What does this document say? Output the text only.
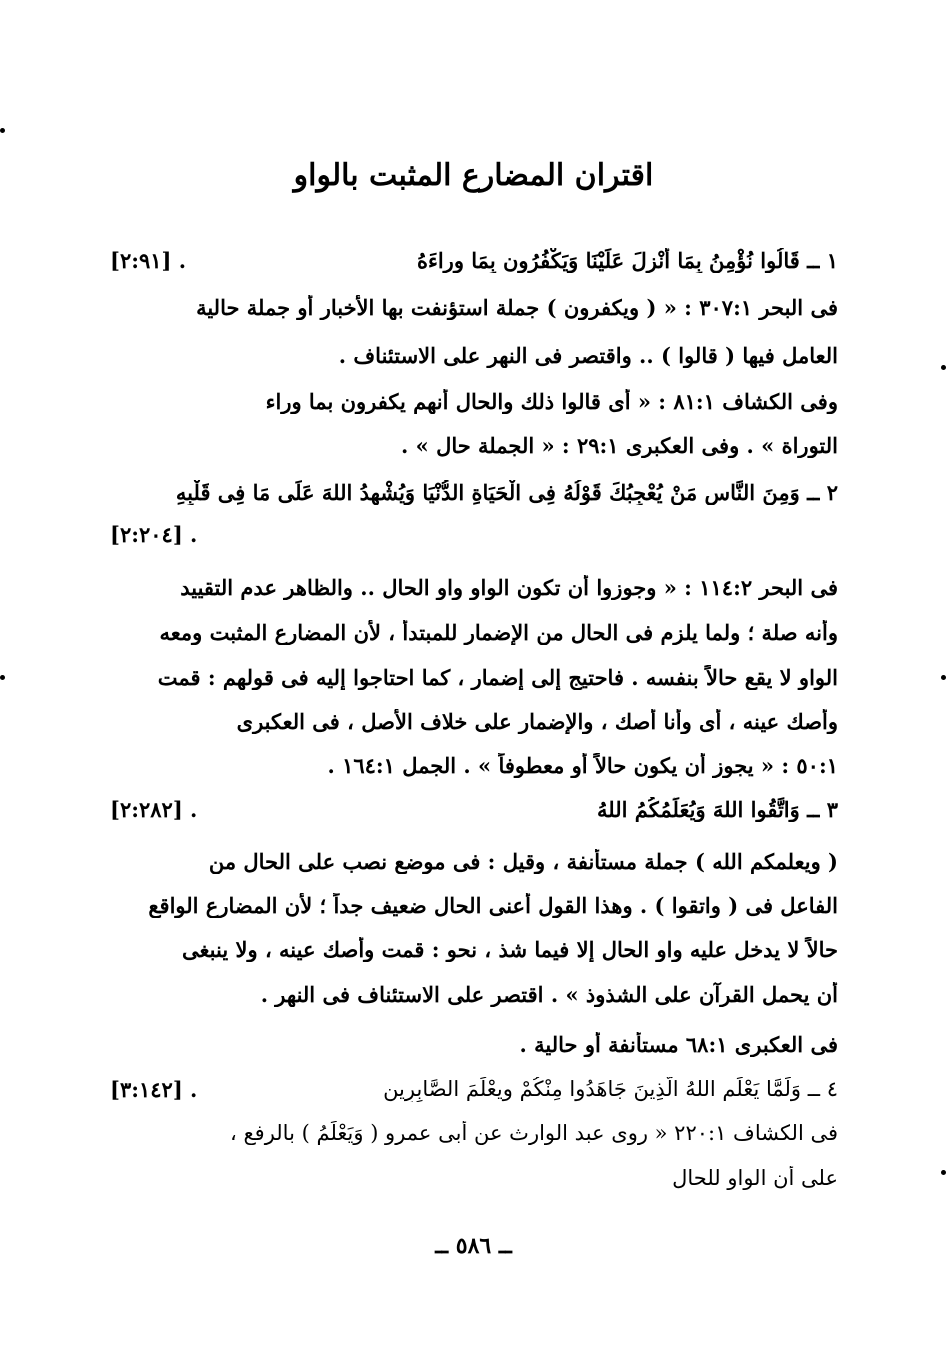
اقتران المضارع المثبت بالواو
١ ــ قَالُوا نُؤْمِنُ بِمَا أُنْزِلَ عَلَيْنَا وَيَكْفُرُون بِمَا وراءَهُ
[٢:٩١] .
فى البحر ٣٠٧:١ : « ( ويكفرون ) جملة استؤنفت بها الأخبار أو جملة حالية
العامل فيها ( قالوا ) .. واقتصر فى النهر على الاستئناف .
وفى الكشاف ٨١:١ : « أى قالوا ذلك والحال أنهم يكفرون بما وراء
التوراة » . وفى العكبرى ٢٩:١ : « الجملة حال » .
٢ ــ وَمِنَ النَّاسِ مَنْ يُعْجِبُكَ قَوْلُهُ فِى الْحَيَاةِ الدُّنْيَا وَيُشْهِدُ اللهَ عَلَى مَا فِى قَلْبِهِ
[٢:٢٠٤] .
فى البحر ١١٤:٢ : « وجوزوا أن تكون الواو واو الحال .. والظاهر عدم التقييد
وأنه صلة ؛ ولما يلزم فى الحال من الإضمار للمبتدأ ، لأن المضارع المثبت ومعه
الواو لا يقع حالاً بنفسه . فاحتيج إلى إضمار ، كما احتاجوا إليه فى قولهم : قمت
وأصك عينه ، أى وأنا أصك ، والإضمار على خلاف الأصل ، فى العكبرى
٥٠:١ : « يجوز أن يكون حالاً أو معطوفاً » . الجمل ١٦٤:١ .
٣ ــ وَاتَّقُوا اللهَ وَيُعَلِّمُكُمُ اللهُ
[٢:٢٨٢] .
( ويعلمكم الله ) جملة مستأنفة ، وقيل : فى موضع نصب على الحال من
الفاعل فى ( واتقوا ) . وهذا القول أعنى الحال ضعيف جداً ؛ لأن المضارع الواقع
حالاً لا يدخل عليه واو الحال إلا فيما شذ ، نحو : قمت وأصك عينه ، ولا ينبغى
أن يحمل القرآن على الشذوذ » . اقتصر على الاستئناف فى النهر .
فى العكبرى ٦٨:١ مستأنفة أو حالية .
٤ ــ وَلَمَّا يَعْلَم اللهُ الَّذِينَ جَاهَدُوا مِنْكُمْ ويعْلَمَ الصَّابِرِين
[٣:١٤٢] .
فى الكشاف ٢٢٠:١ « روى عبد الوارث عن أبى عمرو ( وَيَعْلَمُ ) بالرفع ،
على أن الواو للحال
ــ ٥٨٦ ــ
